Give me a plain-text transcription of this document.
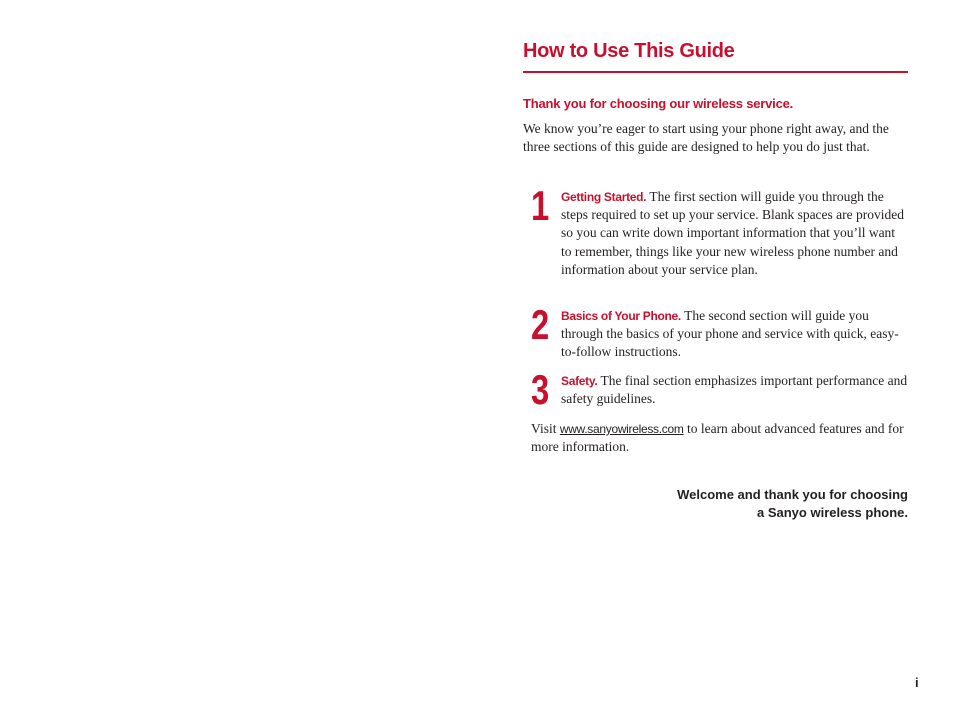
How to Use This Guide
Thank you for choosing our wireless service.

We know you’re eager to start using your phone right away, and the three sections of this guide are designed to help you do just that.

1 Getting Started. The first section will guide you through the steps required to set up your service. Blank spaces are provided so you can write down important information that you’ll want to remember, things like your new wireless phone number and information about your service plan.

2 Basics of Your Phone. The second section will guide you through the basics of your phone and service with quick, easy-to-follow instructions.

3 Safety. The final section emphasizes important performance and safety guidelines.

Visit www.sanyowireless.com to learn about advanced features and for more information.

Welcome and thank you for choosing
a Sanyo wireless phone.

i
